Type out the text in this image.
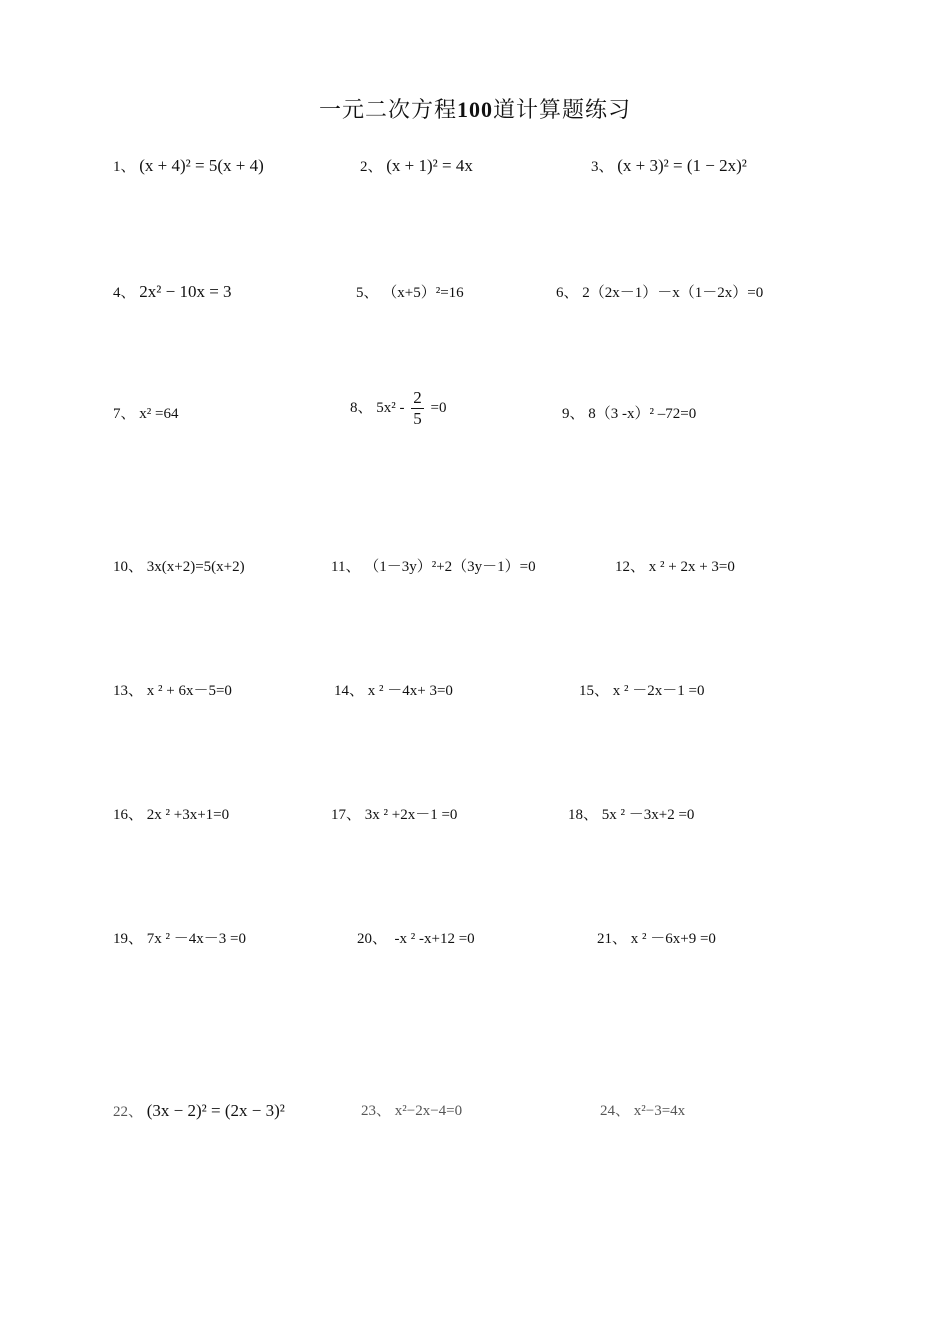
一元二次方程100道计算题练习
1、 (x + 4)² = 5(x + 4)	2、 (x + 1)² = 4x	3、 (x + 3)² = (1 − 2x)²
4、 2x² − 10x = 3	5、 （x+5）²=16	6、 2（2x－1）－x（1－2x）=0
7、 x² =64	8、 $5x^2 - \frac{2}{5} =0$	9、 8（3 -x）² –72=0
10、 3x(x+2)=5(x+2)	11、 （1－3y）²+2（3y－1）=0	12、 x ² + 2x + 3=0
13、 x ² + 6x－5=0	14、 x ² －4x+ 3=0	15、 x ² －2x－1 =0
16、 2x ² +3x+1=0	17、 3x ² +2x－1 =0	18、 5x ² －3x+2 =0
19、 7x ² －4x－3 =0	20、  -x ² -x+12 =0	21、 x ² －6x+9 =0
22、 (3x − 2)² = (2x − 3)²	23、 x²−2x−4=0	24、 x²−3=4x
